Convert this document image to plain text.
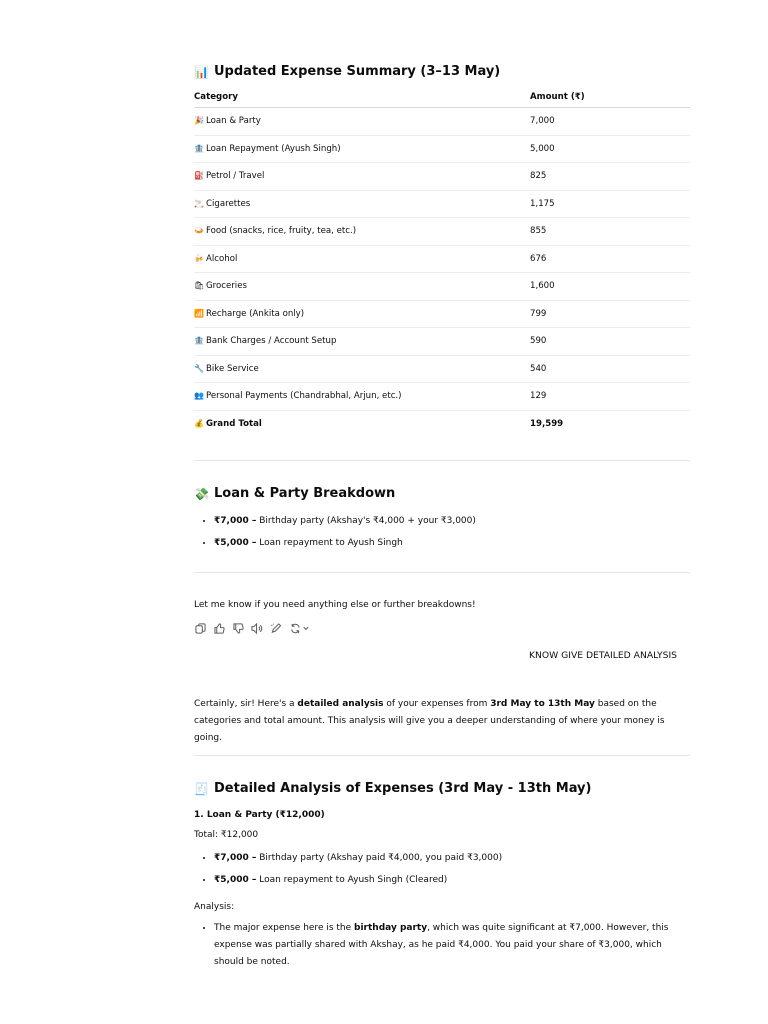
📊 Updated Expense Summary (3–13 May)
Category	Amount (₹)
🎉 Loan & Party	7,000
🏦 Loan Repayment (Ayush Singh)	5,000
⛽ Petrol / Travel	825
🚬 Cigarettes	1,175
🍛 Food (snacks, rice, fruity, tea, etc.)	855
🍻 Alcohol	676
🛍 Groceries	1,600
📶 Recharge (Ankita only)	799
🏦 Bank Charges / Account Setup	590
🔧 Bike Service	540
👥 Personal Payments (Chandrabhal, Arjun, etc.)	129
💰 Grand Total	19,599
💸 Loan & Party Breakdown
• ₹7,000 – Birthday party (Akshay's ₹4,000 + your ₹3,000)
• ₹5,000 – Loan repayment to Ayush Singh
Let me know if you need anything else or further breakdowns!
KNOW GIVE DETAILED ANALYSIS
Certainly, sir! Here's a detailed analysis of your expenses from 3rd May to 13th May based on the categories and total amount. This analysis will give you a deeper understanding of where your money is going.
🧾 Detailed Analysis of Expenses (3rd May - 13th May)
1. Loan & Party (₹12,000)
Total: ₹12,000
• ₹7,000 – Birthday party (Akshay paid ₹4,000, you paid ₹3,000)
• ₹5,000 – Loan repayment to Ayush Singh (Cleared)
Analysis:
• The major expense here is the birthday party, which was quite significant at ₹7,000. However, this expense was partially shared with Akshay, as he paid ₹4,000. You paid your share of ₹3,000, which should be noted.
